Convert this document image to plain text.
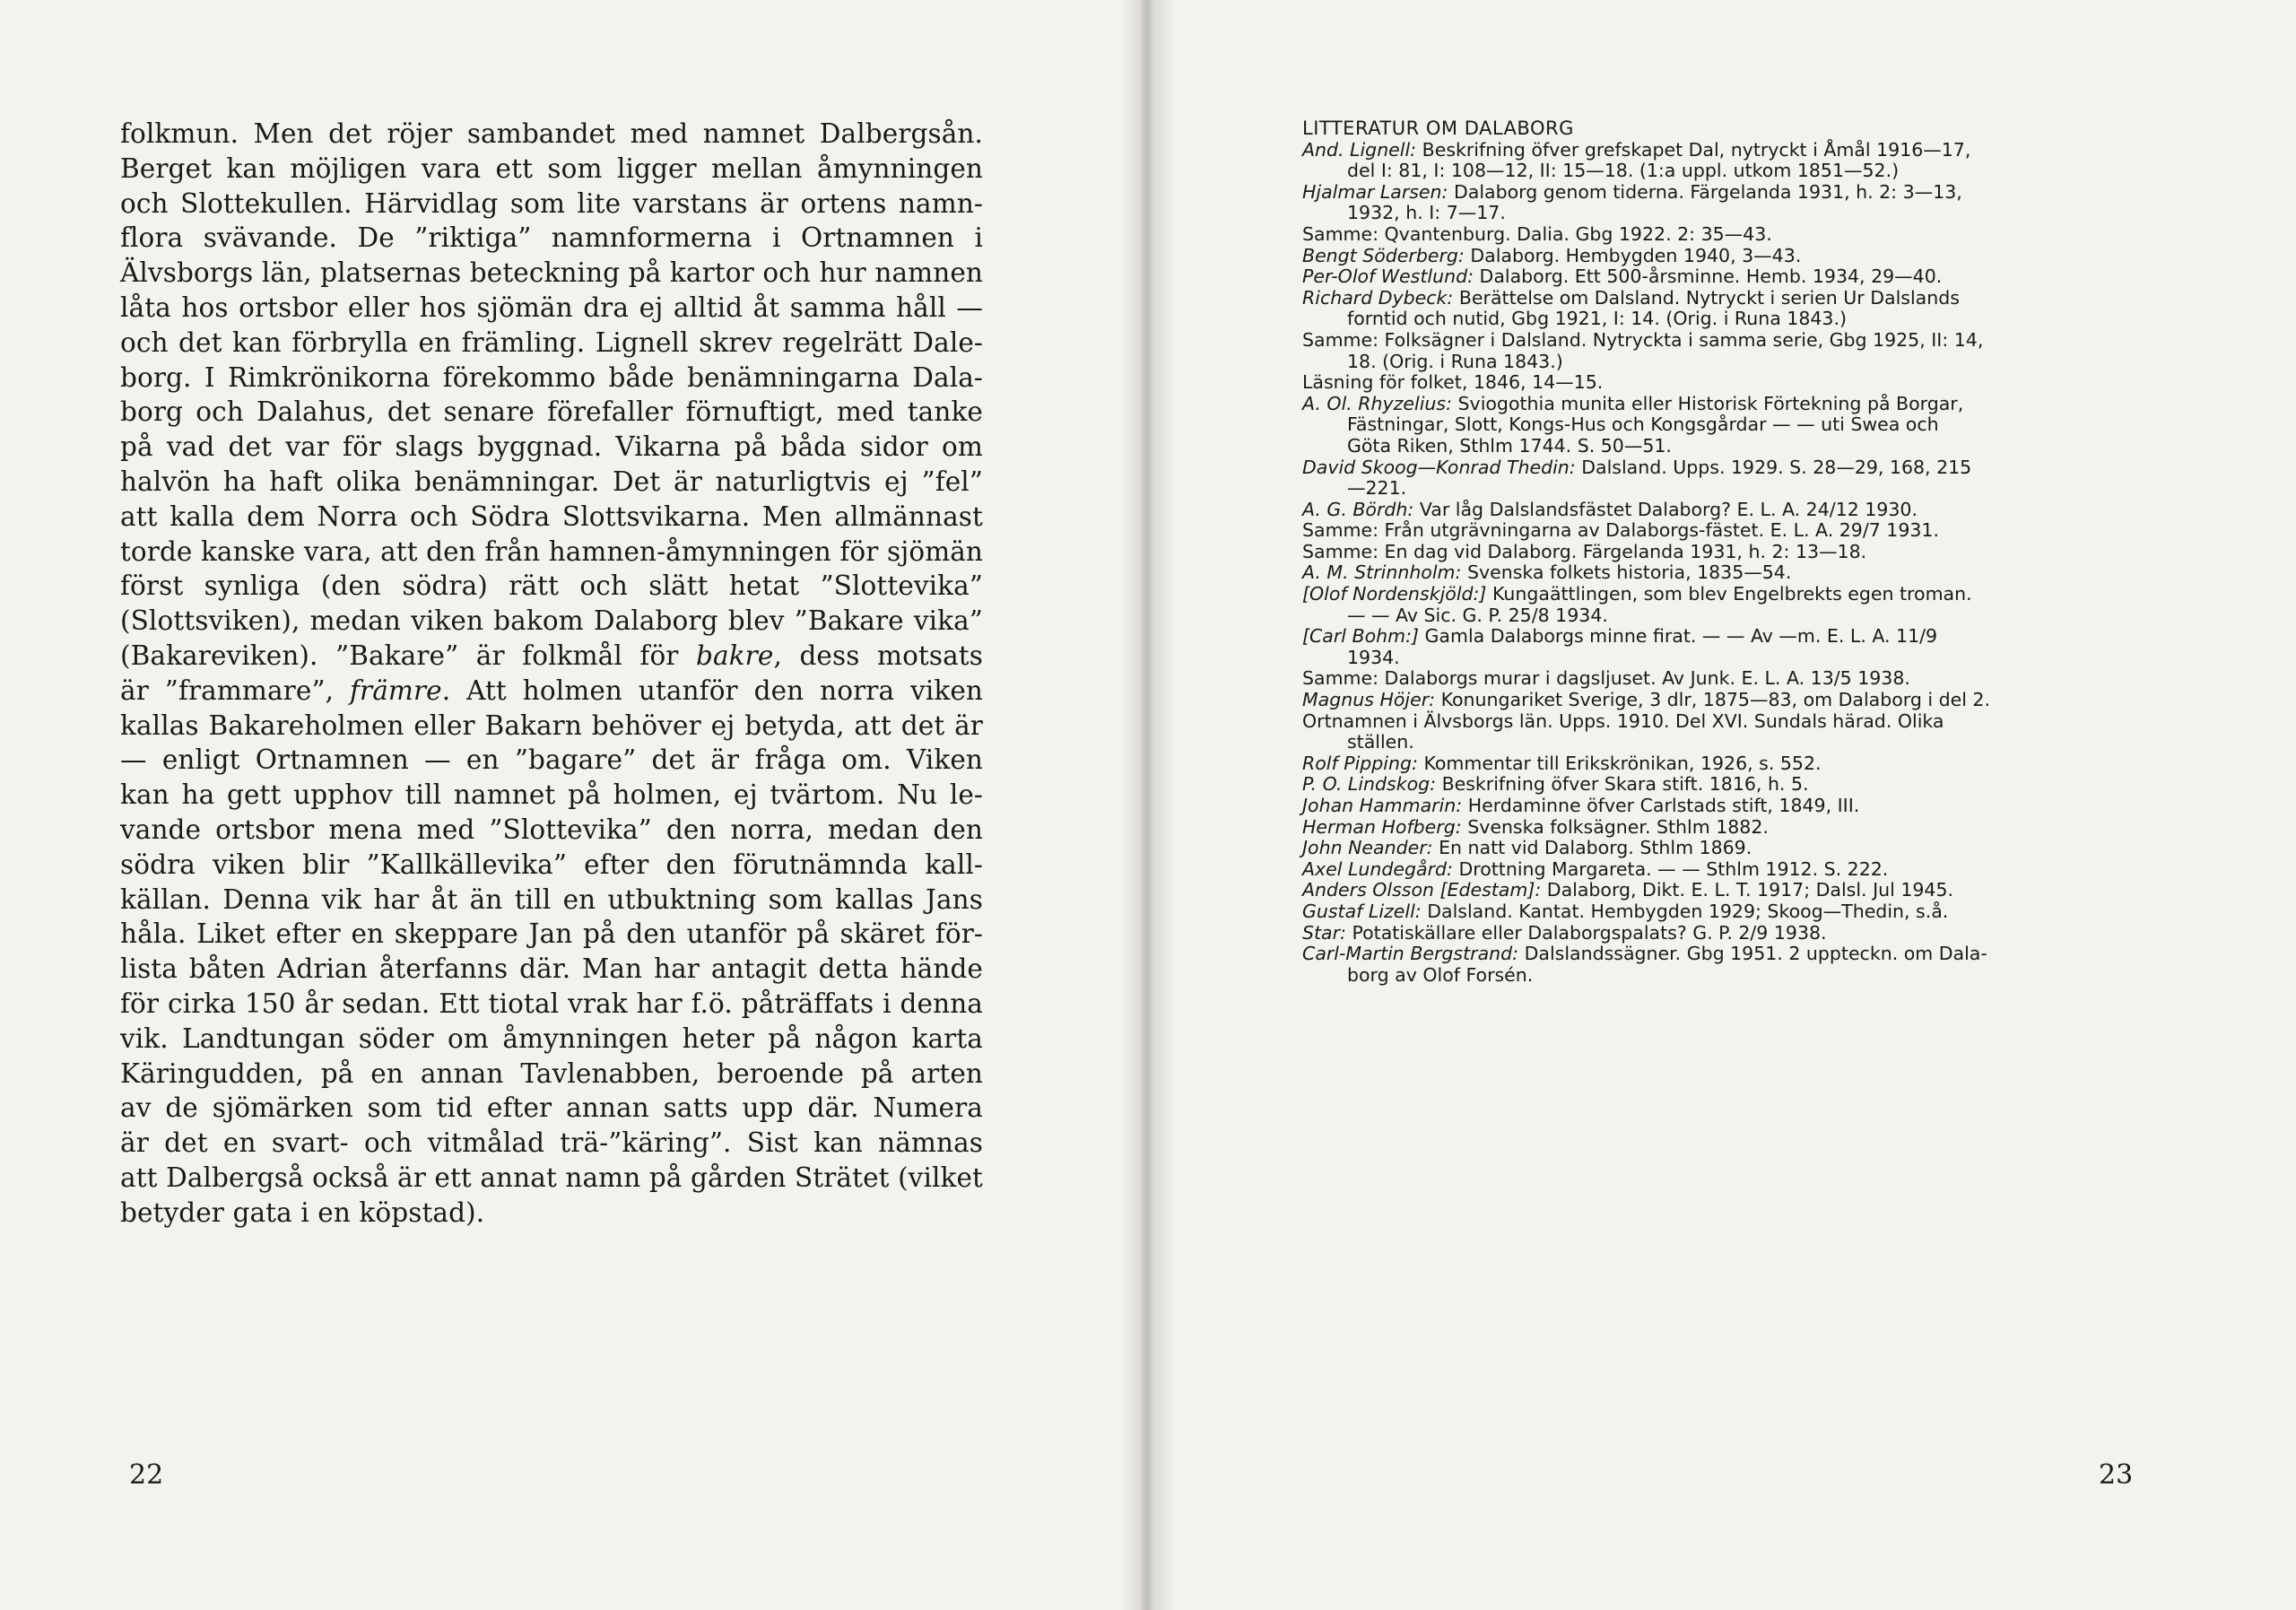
folkmun. Men det röjer sambandet med namnet Dalbergsån.
Berget kan möjligen vara ett som ligger mellan åmynningen
och Slottekullen. Härvidlag som lite varstans är ortens namn-
flora svävande. De ”riktiga” namnformerna i Ortnamnen i
Älvsborgs län, platsernas beteckning på kartor och hur namnen
låta hos ortsbor eller hos sjömän dra ej alltid åt samma håll —
och det kan förbrylla en främling. Lignell skrev regelrätt Dale-
borg. I Rimkrönikorna förekommo både benämningarna Dala-
borg och Dalahus, det senare förefaller förnuftigt, med tanke
på vad det var för slags byggnad. Vikarna på båda sidor om
halvön ha haft olika benämningar. Det är naturligtvis ej ”fel”
att kalla dem Norra och Södra Slottsvikarna. Men allmännast
torde kanske vara, att den från hamnen-åmynningen för sjömän
först synliga (den södra) rätt och slätt hetat ”Slottevika”
(Slottsviken), medan viken bakom Dalaborg blev ”Bakare vika”
(Bakareviken). ”Bakare” är folkmål för bakre, dess motsats
är ”frammare”, främre. Att holmen utanför den norra viken
kallas Bakareholmen eller Bakarn behöver ej betyda, att det är
— enligt Ortnamnen — en ”bagare” det är fråga om. Viken
kan ha gett upphov till namnet på holmen, ej tvärtom. Nu le-
vande ortsbor mena med ”Slottevika” den norra, medan den
södra viken blir ”Kallkällevika” efter den förutnämnda kall-
källan. Denna vik har åt än till en utbuktning som kallas Jans
håla. Liket efter en skeppare Jan på den utanför på skäret för-
lista båten Adrian återfanns där. Man har antagit detta hände
för cirka 150 år sedan. Ett tiotal vrak har f.ö. påträffats i denna
vik. Landtungan söder om åmynningen heter på någon karta
Käringudden, på en annan Tavlenabben, beroende på arten
av de sjömärken som tid efter annan satts upp där. Numera
är det en svart- och vitmålad trä-”käring”. Sist kan nämnas
att Dalbergså också är ett annat namn på gården Strätet (vilket
betyder gata i en köpstad).
22	23
LITTERATUR OM DALABORG
And. Lignell: Beskrifning öfver grefskapet Dal, nytryckt i Åmål 1916—17,
del I: 81, I: 108—12, II: 15—18. (1:a uppl. utkom 1851—52.)
Hjalmar Larsen: Dalaborg genom tiderna. Färgelanda 1931, h. 2: 3—13,
1932, h. I: 7—17.
Samme: Qvantenburg. Dalia. Gbg 1922. 2: 35—43.
Bengt Söderberg: Dalaborg. Hembygden 1940, 3—43.
Per-Olof Westlund: Dalaborg. Ett 500-årsminne. Hemb. 1934, 29—40.
Richard Dybeck: Berättelse om Dalsland. Nytryckt i serien Ur Dalslands
forntid och nutid, Gbg 1921, I: 14. (Orig. i Runa 1843.)
Samme: Folksägner i Dalsland. Nytryckta i samma serie, Gbg 1925, II: 14,
18. (Orig. i Runa 1843.)
Läsning för folket, 1846, 14—15.
A. Ol. Rhyzelius: Sviogothia munita eller Historisk Förtekning på Borgar,
Fästningar, Slott, Kongs-Hus och Kongsgårdar — — uti Swea och
Göta Riken, Sthlm 1744. S. 50—51.
David Skoog—Konrad Thedin: Dalsland. Upps. 1929. S. 28—29, 168, 215
—221.
A. G. Bördh: Var låg Dalslandsfästet Dalaborg? E. L. A. 24/12 1930.
Samme: Från utgrävningarna av Dalaborgs-fästet. E. L. A. 29/7 1931.
Samme: En dag vid Dalaborg. Färgelanda 1931, h. 2: 13—18.
A. M. Strinnholm: Svenska folkets historia, 1835—54.
[Olof Nordenskjöld:] Kungaättlingen, som blev Engelbrekts egen troman.
— — Av Sic. G. P. 25/8 1934.
[Carl Bohm:] Gamla Dalaborgs minne firat. — — Av —m. E. L. A. 11/9
1934.
Samme: Dalaborgs murar i dagsljuset. Av Junk. E. L. A. 13/5 1938.
Magnus Höjer: Konungariket Sverige, 3 dlr, 1875—83, om Dalaborg i del 2.
Ortnamnen i Älvsborgs län. Upps. 1910. Del XVI. Sundals härad. Olika
ställen.
Rolf Pipping: Kommentar till Erikskrönikan, 1926, s. 552.
P. O. Lindskog: Beskrifning öfver Skara stift. 1816, h. 5.
Johan Hammarin: Herdaminne öfver Carlstads stift, 1849, III.
Herman Hofberg: Svenska folksägner. Sthlm 1882.
John Neander: En natt vid Dalaborg. Sthlm 1869.
Axel Lundegård: Drottning Margareta. — — Sthlm 1912. S. 222.
Anders Olsson [Edestam]: Dalaborg, Dikt. E. L. T. 1917; Dalsl. Jul 1945.
Gustaf Lizell: Dalsland. Kantat. Hembygden 1929; Skoog—Thedin, s.å.
Star: Potatiskällare eller Dalaborgspalats? G. P. 2/9 1938.
Carl-Martin Bergstrand: Dalslandssägner. Gbg 1951. 2 uppteckn. om Dala-
borg av Olof Forsén.
